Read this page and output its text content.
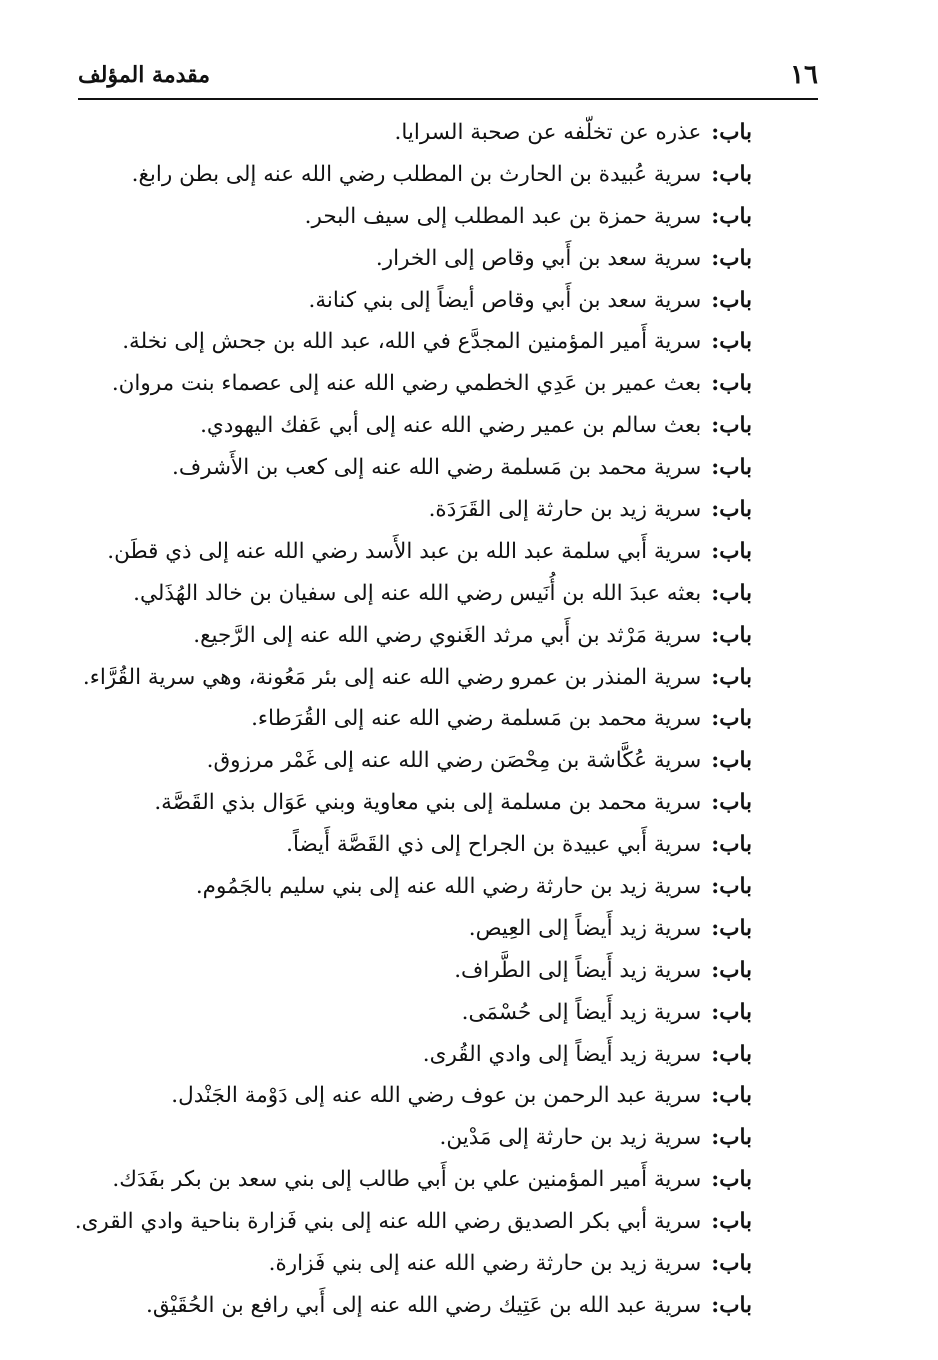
١٦
مقدمة المؤلف
باب:عذره عن تخلّفه عن صحبة السرايا.
باب:سرية عُبيدة بن الحارث بن المطلب رضي الله عنه إلى بطن رابغ.
باب:سرية حمزة بن عبد المطلب إلى سيف البحر.
باب:سرية سعد بن أَبي وقاص إلى الخرار.
باب:سرية سعد بن أَبي وقاص أيضاً إلى بني كنانة.
باب:سرية أَمير المؤمنين المجدَّع في الله، عبد الله بن جحش إلى نخلة.
باب:بعث عمير بن عَدِي الخطمي رضي الله عنه إلى عصماء بنت مروان.
باب:بعث سالم بن عمير رضي الله عنه إلى أبي عَفك اليهودي.
باب:سرية محمد بن مَسلمة رضي الله عنه إلى كعب بن الأَشرف.
باب:سرية زيد بن حارثة إلى القَرَدَة.
باب:سرية أَبي سلمة عبد الله بن عبد الأَسد رضي الله عنه إلى ذي قطَن.
باب:بعثه عبدَ الله بن أُنَيس رضي الله عنه إلى سفيان بن خالد الهُذَلي.
باب:سرية مَرْثد بن أَبي مرثد الغَنوي رضي الله عنه إلى الرَّجيع.
باب:سرية المنذر بن عمرو رضي الله عنه إلى بئر مَعُونة، وهي سرية القُرَّاء.
باب:سرية محمد بن مَسلمة رضي الله عنه إلى القُرَطاء.
باب:سرية عُكَّاشة بن مِحْصَن رضي الله عنه إلى غَمْر مرزوق.
باب:سرية محمد بن مسلمة إلى بني معاوية وبني عَوَال بذي القَصَّة.
باب:سرية أَبي عبيدة بن الجراح إلى ذي القَصَّة أَيضاً.
باب:سرية زيد بن حارثة رضي الله عنه إلى بني سليم بالجَمُوم.
باب:سرية زيد أَيضاً إلى العِيص.
باب:سرية زيد أَيضاً إلى الطَّراف.
باب:سرية زيد أَيضاً إلى حُسْمَى.
باب:سرية زيد أَيضاً إلى وادي القُرى.
باب:سرية عبد الرحمن بن عوف رضي الله عنه إلى دَوْمة الجَنْدل.
باب:سرية زيد بن حارثة إلى مَدْين.
باب:سرية أَمير المؤمنين علي بن أَبي طالب إلى بني سعد بن بكر بفَدَك.
باب:سرية أبي بكر الصديق رضي الله عنه إلى بني فَزارة بناحية وادي القرى.
باب:سرية زيد بن حارثة رضي الله عنه إلى بني فَزارة.
باب:سرية عبد الله بن عَتِيك رضي الله عنه إلى أَبي رافع بن الحُقَيْق.
